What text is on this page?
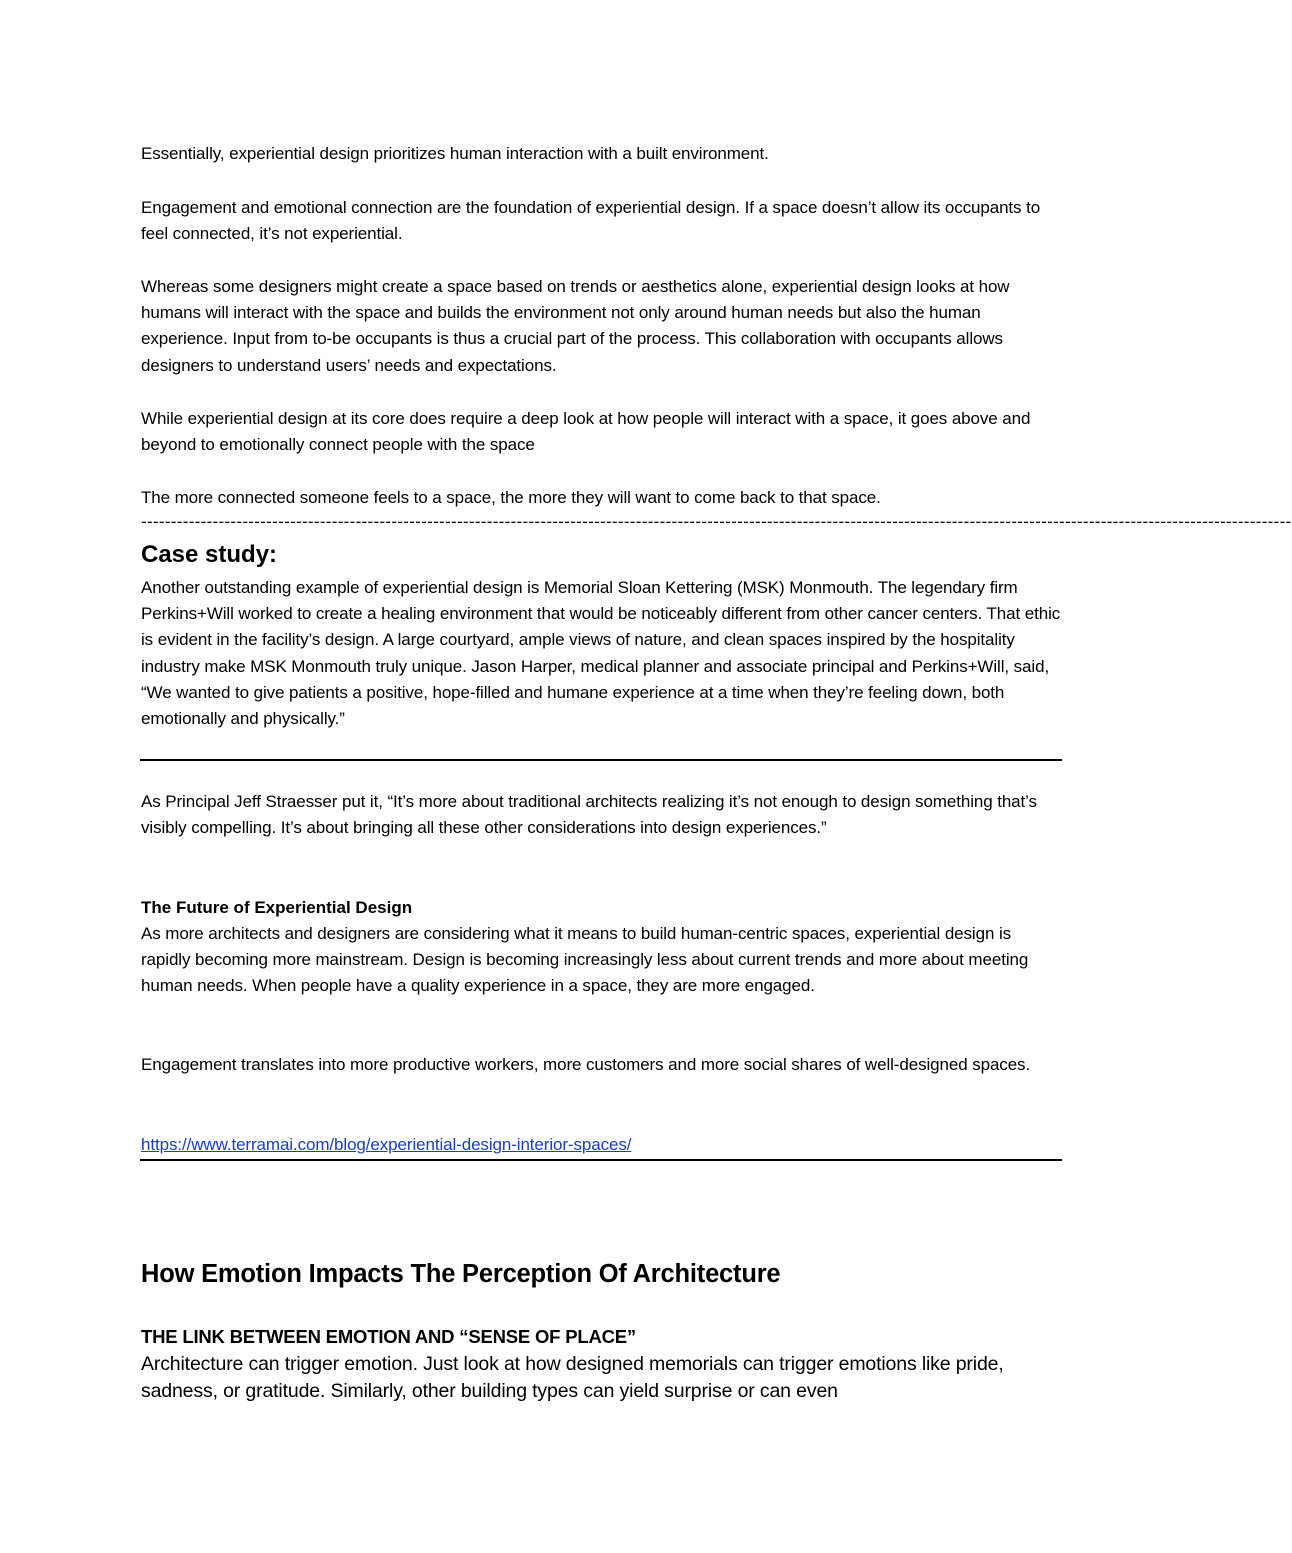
Essentially, experiential design prioritizes human interaction with a built environment.

Engagement and emotional connection are the foundation of experiential design. If a space doesn’t allow its occupants to feel connected, it’s not experiential.

Whereas some designers might create a space based on trends or aesthetics alone, experiential design looks at how humans will interact with the space and builds the environment not only around human needs but also the human experience. Input from to-be occupants is thus a crucial part of the process. This collaboration with occupants allows designers to understand users’ needs and expectations.

While experiential design at its core does require a deep look at how people will interact with a space, it goes above and beyond to emotionally connect people with the space

The more connected someone feels to a space, the more they will want to come back to that space.

-------------------------------------------------------------------------------------------------------------------------------------------------------------------------------------------------
Case study:

Another outstanding example of experiential design is Memorial Sloan Kettering (MSK) Monmouth. The legendary firm Perkins+Will worked to create a healing environment that would be noticeably different from other cancer centers. That ethic is evident in the facility’s design. A large courtyard, ample views of nature, and clean spaces inspired by the hospitality industry make MSK Monmouth truly unique. Jason Harper, medical planner and associate principal and Perkins+Will, said, “We wanted to give patients a positive, hope-filled and humane experience at a time when they’re feeling down, both emotionally and physically.”

As Principal Jeff Straesser put it, “It’s more about traditional architects realizing it’s not enough to design something that’s visibly compelling. It’s about bringing all these other considerations into design experiences.”

The Future of Experiential Design

As more architects and designers are considering what it means to build human-centric spaces, experiential design is rapidly becoming more mainstream. Design is becoming increasingly less about current trends and more about meeting human needs. When people have a quality experience in a space, they are more engaged.

Engagement translates into more productive workers, more customers and more social shares of well-designed spaces.

https://www.terramai.com/blog/experiential-design-interior-spaces/

How Emotion Impacts The Perception Of Architecture
THE LINK BETWEEN EMOTION AND “SENSE OF PLACE”

Architecture can trigger emotion. Just look at how designed memorials can trigger emotions like pride, sadness, or gratitude. Similarly, other building types can yield surprise or can even
